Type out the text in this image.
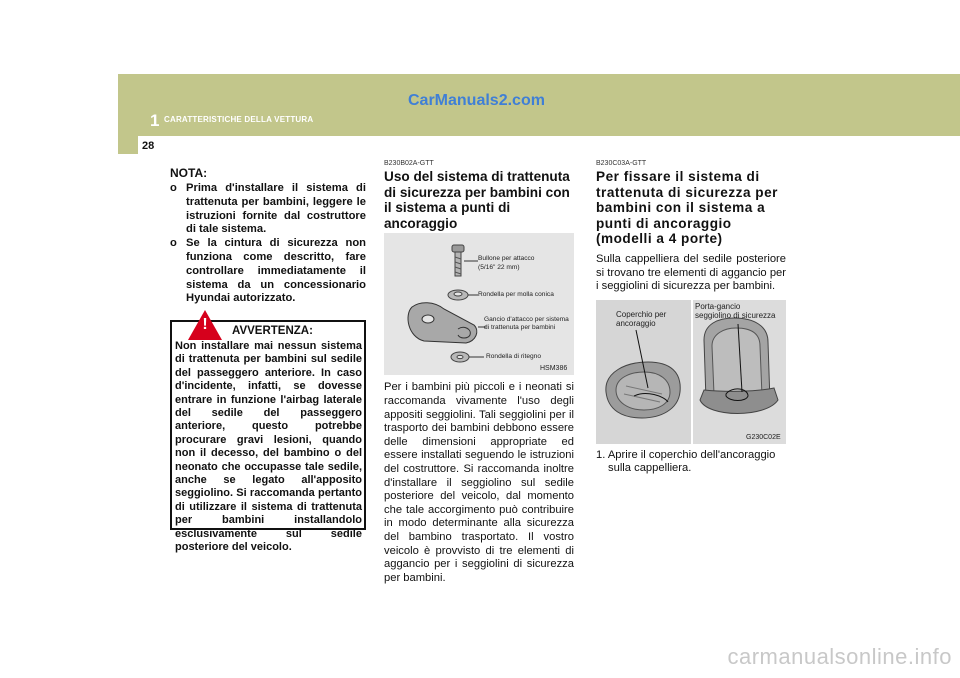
1 CARATTERISTICHE DELLA VETTURA
CarManuals2.com
28
NOTA:
o Prima d'installare il sistema di trattenuta per bambini, leggere le istruzioni fornite dal costruttore di tale sistema.
o Se la cintura di sicurezza non funziona come descritto, fare controllare immediatamente il sistema da un concessionario Hyundai autorizzato.
! AVVERTENZA:
Non installare mai nessun sistema di trattenuta per bambini sul sedile del passeggero anteriore. In caso d'incidente, infatti, se dovesse entrare in funzione l'airbag laterale del sedile del passeggero anteriore, questo potrebbe procurare gravi lesioni, quando non il decesso, del bambino o del neonato che occupasse tale sedile, anche se legato all'apposito seggiolino. Si raccomanda pertanto di utilizzare il sistema di trattenuta per bambini installandolo esclusivamente sul sedile posteriore del veicolo.
B230B02A-GTT
Uso del sistema di trattenuta di sicurezza per bambini con il sistema a punti di ancoraggio
Bullone per attacco
(5/16" 22 mm)
Rondella per molla conica
Gancio d'attacco per sistema
di trattenuta per bambini
Rondella di ritegno
HSM386
Per i bambini più piccoli e i neonati si raccomanda vivamente l'uso degli appositi seggiolini. Tali seggiolini per il trasporto dei bambini debbono essere delle dimensioni appropriate ed essere installati seguendo le istruzioni del costruttore. Si raccomanda inoltre d'installare il seggiolino sul sedile posteriore del veicolo, dal momento che tale accorgimento può contribuire in modo determinante alla sicurezza del bambino trasportato. Il vostro veicolo è provvisto di tre elementi di aggancio per i seggiolini di sicurezza per bambini.
B230C03A-GTT
Per fissare il sistema di trattenuta di sicurezza per bambini con il sistema a punti di ancoraggio (modelli a 4 porte)
Sulla cappelliera del sedile posteriore si trovano tre elementi di aggancio per i seggiolini di sicurezza per bambini.
Coperchio per
ancoraggio
Porta-gancio
seggiolino di sicurezza
G230C02E
1. Aprire il coperchio dell'ancoraggio sulla cappelliera.
carmanualsonline.info
